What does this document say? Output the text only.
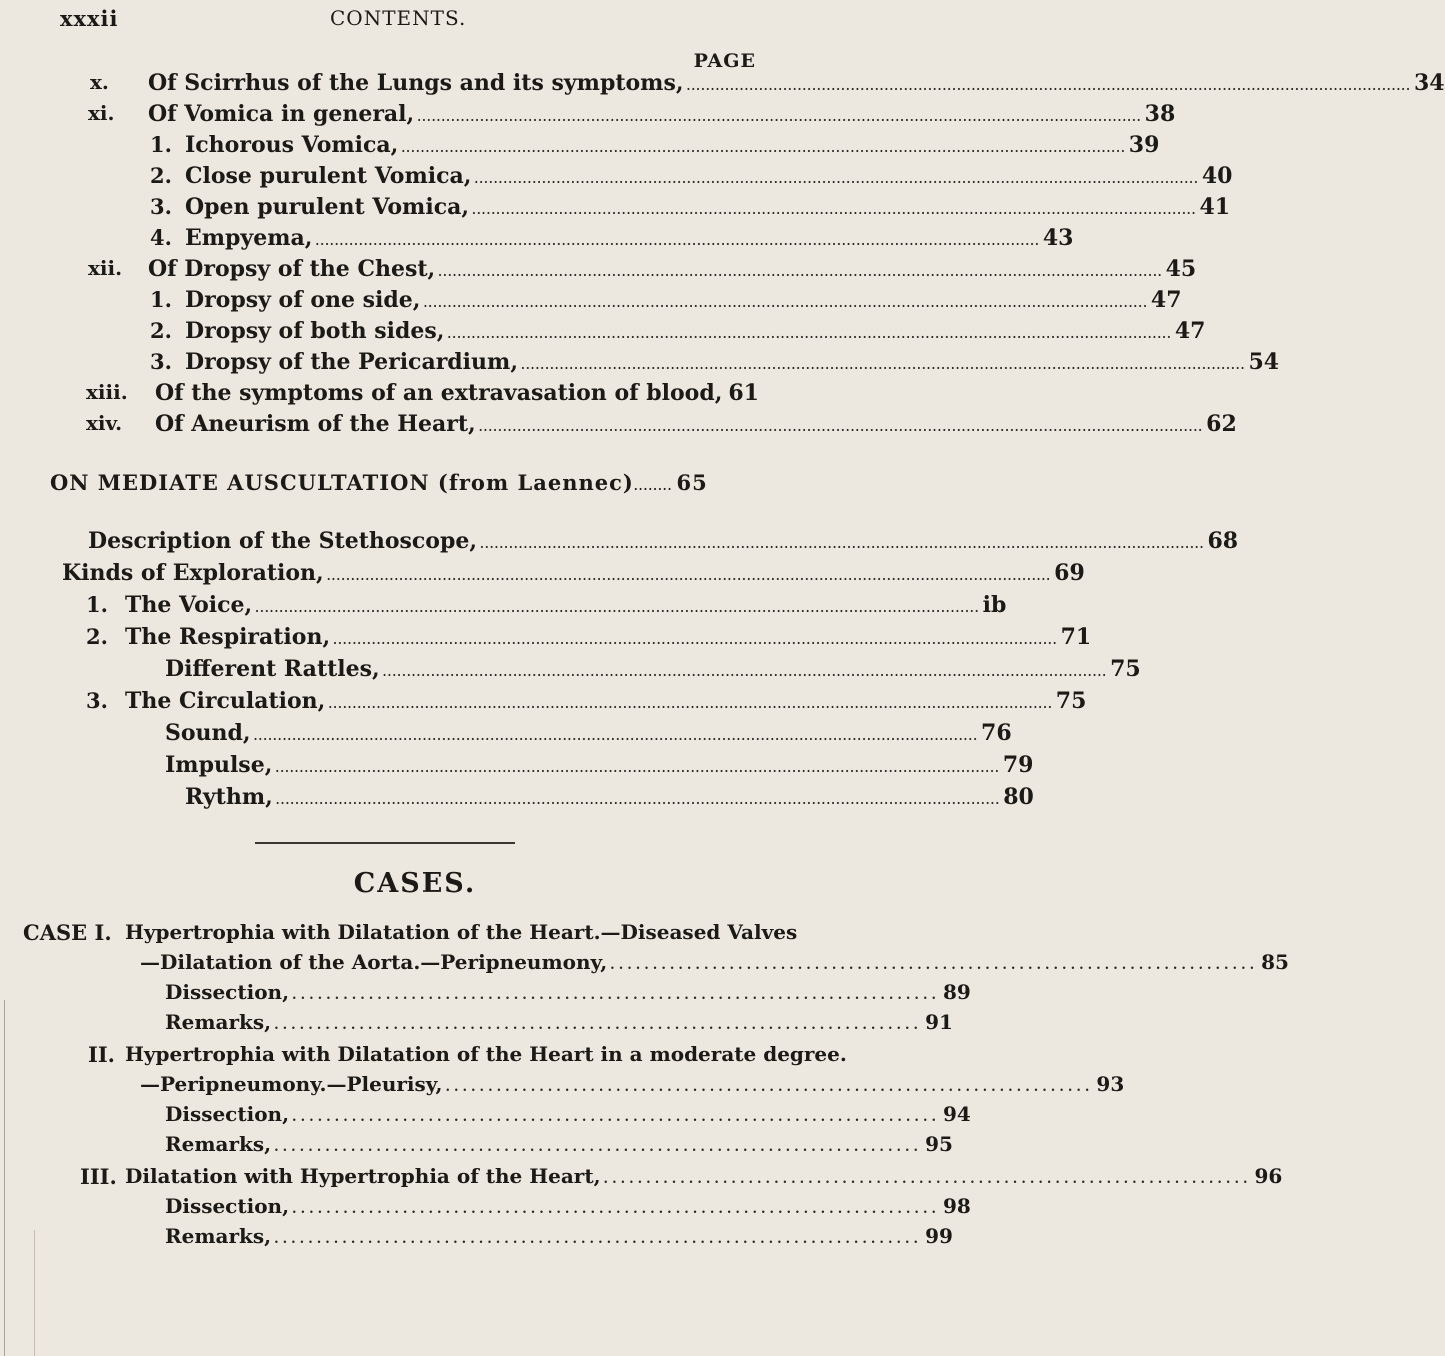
xxxii	CONTENTS.
PAGE
x. Of Scirrhus of the Lungs and its symptoms, ...................................................................................................................................................... 34
xi. Of Vomica in general, ...................................................................................................................................................... 38
1. Ichorous Vomica, ...................................................................................................................................................... 39
2. Close purulent Vomica, ...................................................................................................................................................... 40
3. Open purulent Vomica, ...................................................................................................................................................... 41
4. Empyema, ...................................................................................................................................................... 43
xii. Of Dropsy of the Chest, ...................................................................................................................................................... 45
1. Dropsy of one side, ...................................................................................................................................................... 47
2. Dropsy of both sides, ...................................................................................................................................................... 47
3. Dropsy of the Pericardium, ...................................................................................................................................................... 54
xiii. Of the symptoms of an extravasation of blood, 61
xiv. Of Aneurism of the Heart, ...................................................................................................................................................... 62
ON MEDIATE AUSCULTATION (from Laennec)........ 65
Description of the Stethoscope, ...................................................................................................................................................... 68
Kinds of Exploration, ...................................................................................................................................................... 69
1. The Voice, ...................................................................................................................................................... ib
2. The Respiration, ...................................................................................................................................................... 71
Different Rattles, ...................................................................................................................................................... 75
3. The Circulation, ...................................................................................................................................................... 75
Sound, ...................................................................................................................................................... 76
Impulse, ...................................................................................................................................................... 79
Rythm, ...................................................................................................................................................... 80
CASES.
CASE I. Hypertrophia with Dilatation of the Heart.—Diseased Valves
—Dilatation of the Aorta.—Peripneumony, ............................................................................ 85
Dissection, ............................................................................ 89
Remarks, ............................................................................ 91
II. Hypertrophia with Dilatation of the Heart in a moderate degree.
—Peripneumony.—Pleurisy, ............................................................................ 93
Dissection, ............................................................................ 94
Remarks, ............................................................................ 95
III. Dilatation with Hypertrophia of the Heart, ............................................................................ 96
Dissection, ............................................................................ 98
Remarks, ............................................................................ 99
